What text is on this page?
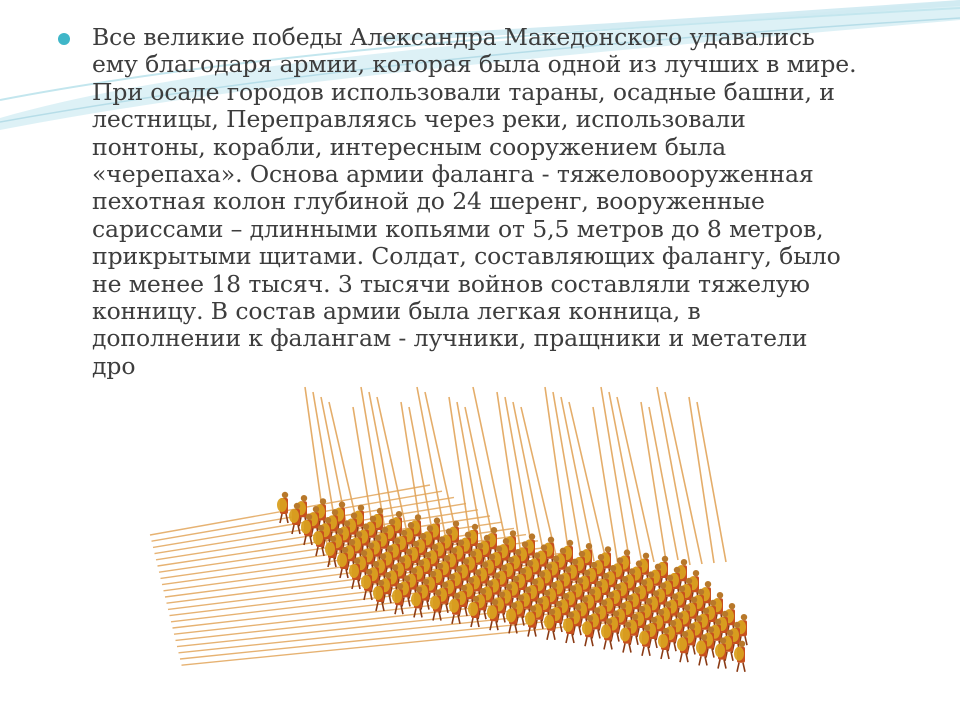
Все великие победы Александра Македонского удавались
ему благодаря армии, которая была одной из лучших в мире.
При осаде городов использовали тараны, осадные башни, и
лестницы, Переправляясь через реки, использовали
понтоны, корабли, интересным сооружением была
«черепаха». Основа армии фаланга - тяжеловооруженная
пехотная колон глубиной до 24 шеренг, вооруженные
сариссами – длинными копьями от 5,5 метров до 8 метров,
прикрытыми щитами. Солдат, составляющих фалангу, было
не менее 18 тысяч. 3 тысячи войнов составляли тяжелую
конницу. В состав армии была легкая конница, в
дополнении к фалангам - лучники, пращники и метатели
дро
